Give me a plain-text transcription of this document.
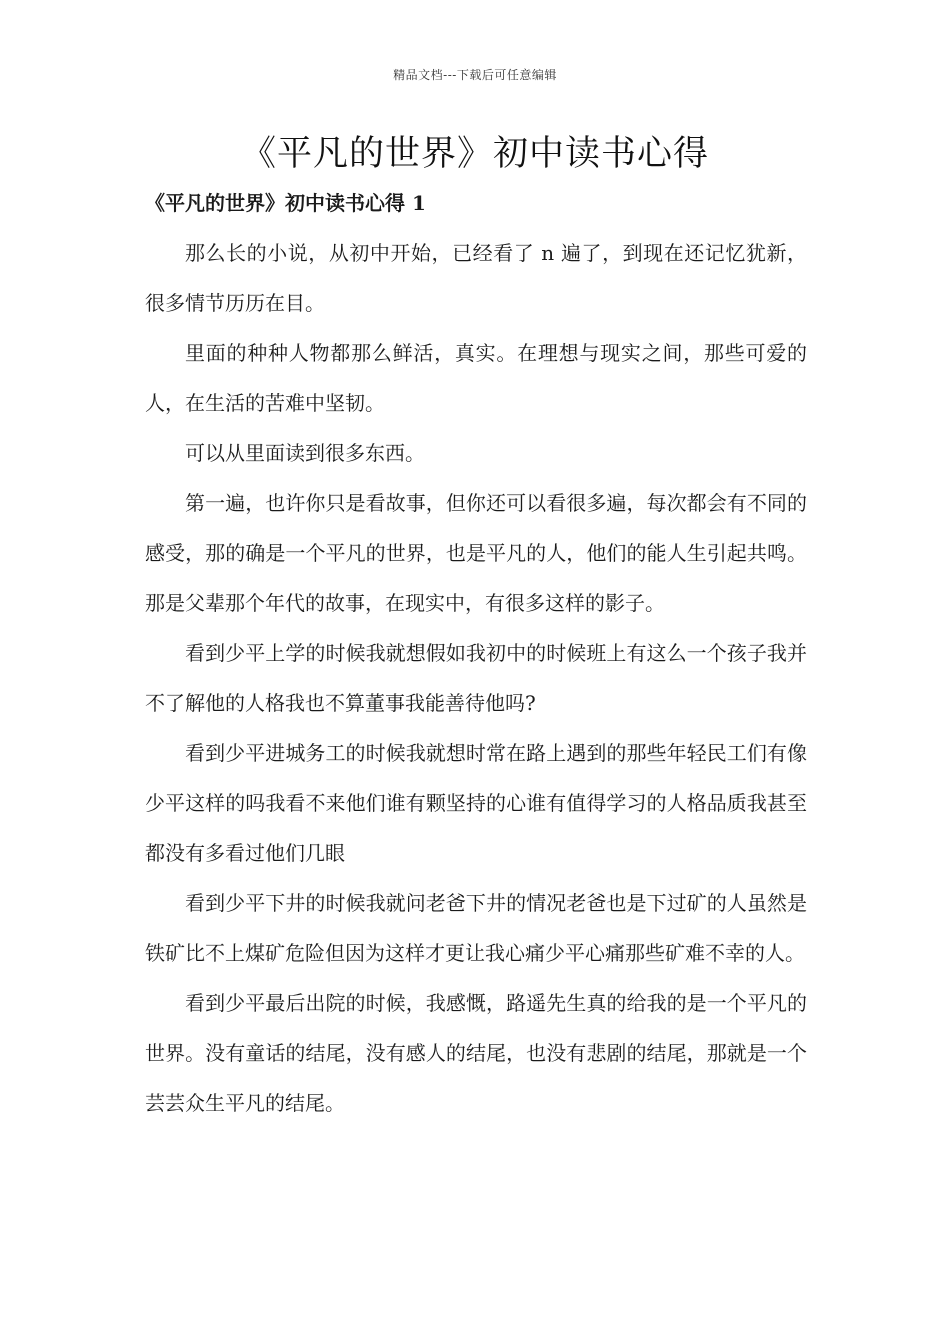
精品文档---下载后可任意编辑
《平凡的世界》初中读书心得
《平凡的世界》初中读书心得 1

那么长的小说，从初中开始，已经看了 n 遍了，到现在还记忆犹新，很多情节历历在目。

里面的种种人物都那么鲜活，真实。在理想与现实之间，那些可爱的人，在生活的苦难中坚韧。

可以从里面读到很多东西。

第一遍，也许你只是看故事，但你还可以看很多遍，每次都会有不同的感受，那的确是一个平凡的世界，也是平凡的人，他们的能人生引起共鸣。那是父辈那个年代的故事，在现实中，有很多这样的影子。

看到少平上学的时候我就想假如我初中的时候班上有这么一个孩子我并不了解他的人格我也不算董事我能善待他吗?

看到少平进城务工的时候我就想时常在路上遇到的那些年轻民工们有像少平这样的吗我看不来他们谁有颗坚持的心谁有值得学习的人格品质我甚至都没有多看过他们几眼

看到少平下井的时候我就问老爸下井的情况老爸也是下过矿的人虽然是铁矿比不上煤矿危险但因为这样才更让我心痛少平心痛那些矿难不幸的人。

看到少平最后出院的时候，我感慨，路遥先生真的给我的是一个平凡的世界。没有童话的结尾，没有感人的结尾，也没有悲剧的结尾，那就是一个芸芸众生平凡的结尾。
